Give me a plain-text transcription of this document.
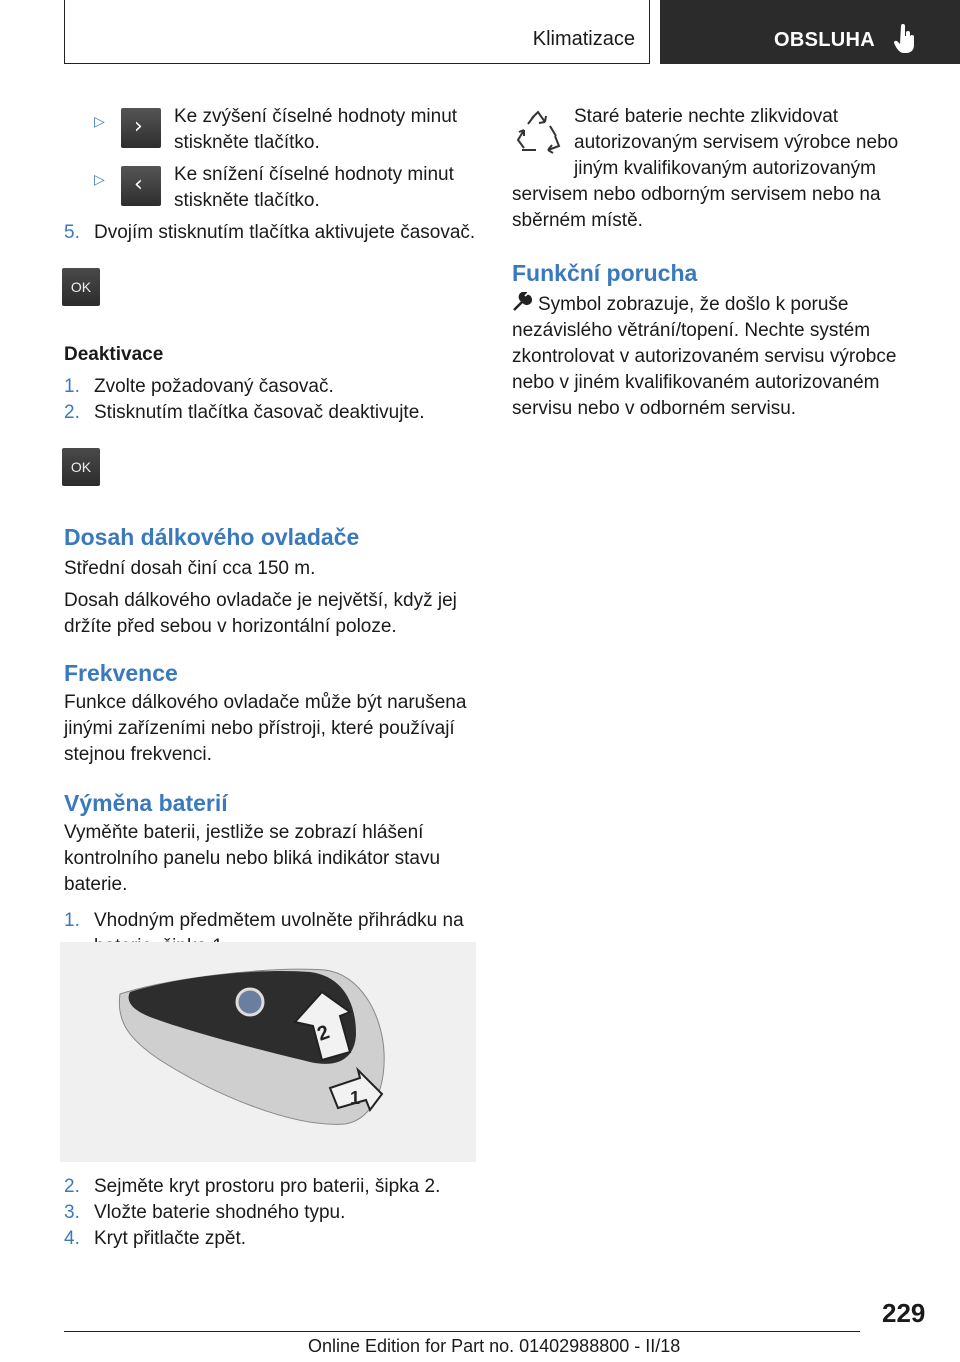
Klimatizace	OBSLUHA
▷ › Ke zvýšení číselné hodnoty minut stiskněte tlačítko.

▷ ‹ Ke snížení číselné hodnoty minut stiskněte tlačítko.

5. Dvojím stisknutím tlačítka aktivujete časovač.

OK
Deaktivace

1. Zvolte požadovaný časovač.

2. Stisknutím tlačítka časovač deaktivujte.

OK
Dosah dálkového ovladače

Střední dosah činí cca 150 m.

Dosah dálkového ovladače je největší, když jej držíte před sebou v horizontální poloze.

Frekvence

Funkce dálkového ovladače může být narušena jinými zařízeními nebo přístroji, které používají stejnou frekvenci.

Výměna baterií

Vyměňte baterii, jestliže se zobrazí hlášení kontrolního panelu nebo bliká indikátor stavu baterie.

1. Vhodným předmětem uvolněte přihrádku na

2
1

2. Sejměte kryt prostoru pro baterii, šipka 2.

3. Vložte baterie shodného typu.

4. Kryt přitlačte zpět.

Staré baterie nechte zlikvidovat autorizovaným servisem výrobce nebo jiným kvalifikovaným autorizovaným servisem nebo odborným servisem nebo na sběrném místě.

Funkční porucha

Symbol zobrazuje, že došlo k poruše nezávislého větrání/topení. Nechte systém zkontrolovat v autorizovaném servisu výrobce nebo v jiném kvalifikovaném autorizovaném servisu nebo v odborném servisu.

229
Online Edition for Part no. 01402988800 - II/18
